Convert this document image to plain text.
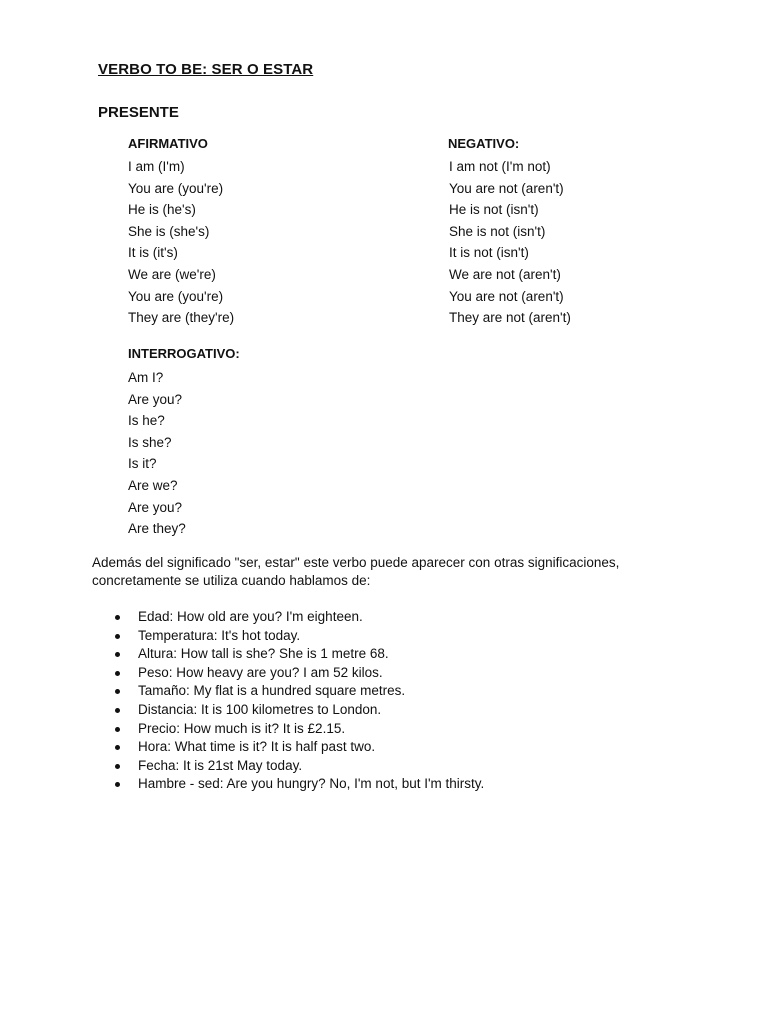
VERBO TO BE: SER O ESTAR
PRESENTE
AFIRMATIVO
I am (I'm)
You are (you're)
He is (he's)
She is (she's)
It is (it's)
We are (we're)
You are (you're)
They are (they're)
NEGATIVO:
I am not (I'm not)
You are not (aren't)
He is not (isn't)
She is not (isn't)
It is not (isn't)
We are not (aren't)
You are not (aren't)
They are not (aren't)
INTERROGATIVO:
Am I?
Are you?
Is he?
Is she?
Is it?
Are we?
Are you?
Are they?
Además del significado "ser, estar" este verbo puede aparecer con otras significaciones, concretamente se utiliza cuando hablamos de:
Edad: How old are you? I'm eighteen.
Temperatura: It's hot today.
Altura: How tall is she? She is 1 metre 68.
Peso: How heavy are you? I am 52 kilos.
Tamaño: My flat is a hundred square metres.
Distancia: It is 100 kilometres to London.
Precio: How much is it? It is £2.15.
Hora: What time is it? It is half past two.
Fecha: It is 21st May today.
Hambre - sed: Are you hungry? No, I'm not, but I'm thirsty.
